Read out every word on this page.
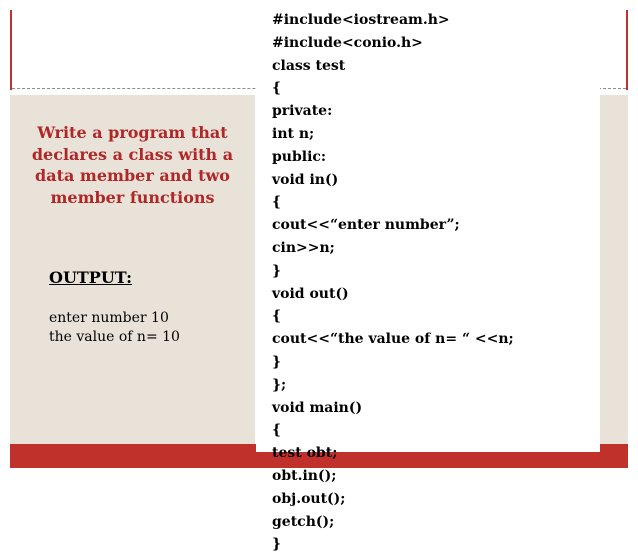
Write a program that
declares a class with a
data member and two
member functions
OUTPUT:
enter number 10
the value of n= 10
#include<iostream.h>
#include<conio.h>
class test
{
private:
int n;
public:
void in()
{
cout<<“enter number”;
cin>>n;
}
void out()
{
cout<<“the value of n= “ <<n;
}
};
void main()
{
test obt;
obt.in();
obj.out();
getch();
}
